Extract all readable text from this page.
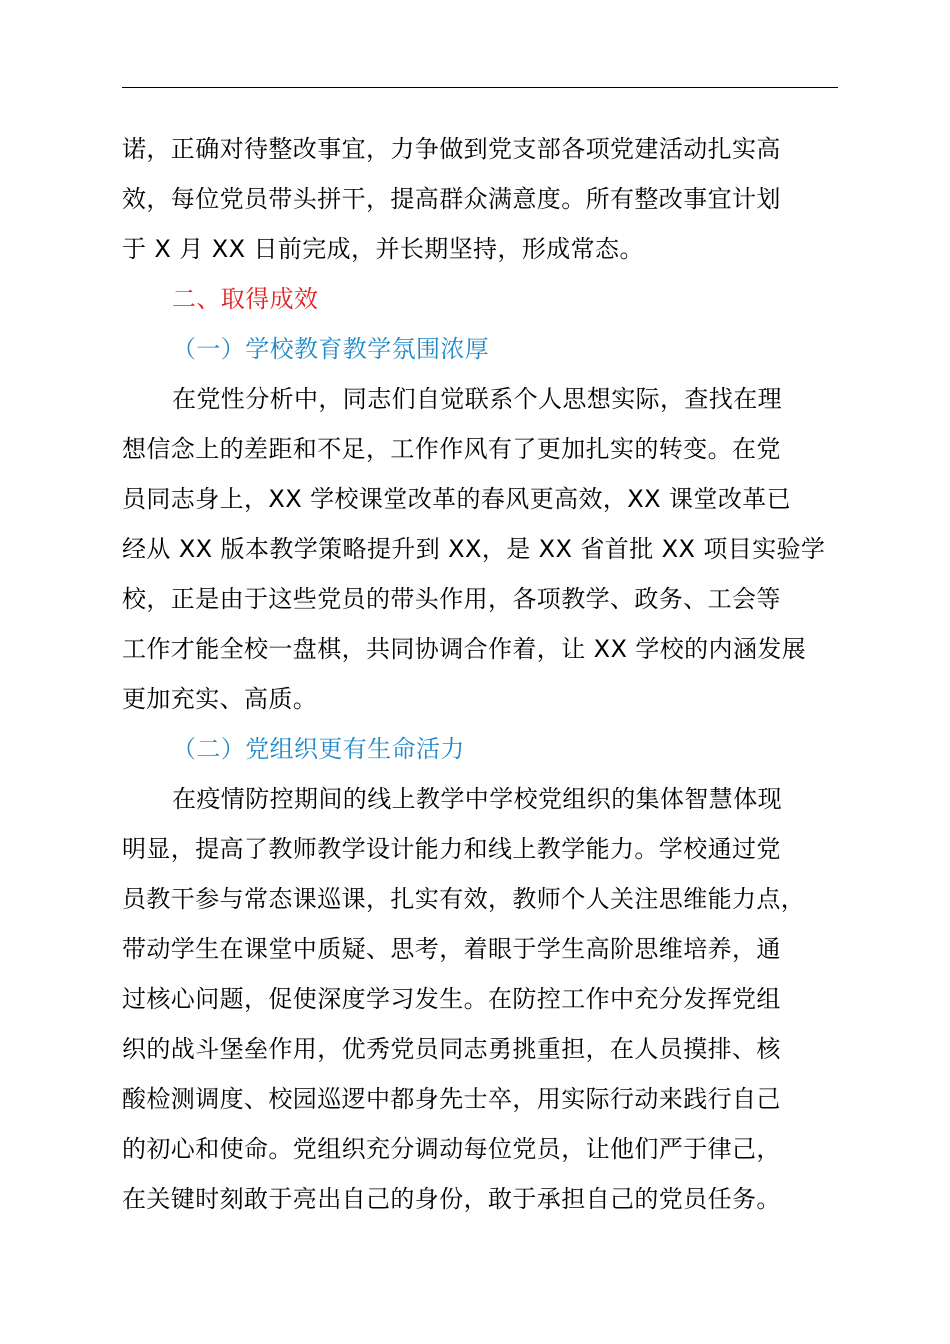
诺，正确对待整改事宜，力争做到党支部各项党建活动扎实高
效，每位党员带头拼干，提高群众满意度。所有整改事宜计划
于 X 月 XX 日前完成，并长期坚持，形成常态。
二、取得成效
（一）学校教育教学氛围浓厚
在党性分析中，同志们自觉联系个人思想实际，查找在理
想信念上的差距和不足，工作作风有了更加扎实的转变。在党
员同志身上，XX 学校课堂改革的春风更高效，XX 课堂改革已
经从 XX 版本教学策略提升到 XX，是 XX 省首批 XX 项目实验学
校，正是由于这些党员的带头作用，各项教学、政务、工会等
工作才能全校一盘棋，共同协调合作着，让 XX 学校的内涵发展
更加充实、高质。
（二）党组织更有生命活力
在疫情防控期间的线上教学中学校党组织的集体智慧体现
明显，提高了教师教学设计能力和线上教学能力。学校通过党
员教干参与常态课巡课，扎实有效，教师个人关注思维能力点，
带动学生在课堂中质疑、思考，着眼于学生高阶思维培养，通
过核心问题，促使深度学习发生。在防控工作中充分发挥党组
织的战斗堡垒作用，优秀党员同志勇挑重担，在人员摸排、核
酸检测调度、校园巡逻中都身先士卒，用实际行动来践行自己
的初心和使命。党组织充分调动每位党员，让他们严于律己，
在关键时刻敢于亮出自己的身份，敢于承担自己的党员任务。
